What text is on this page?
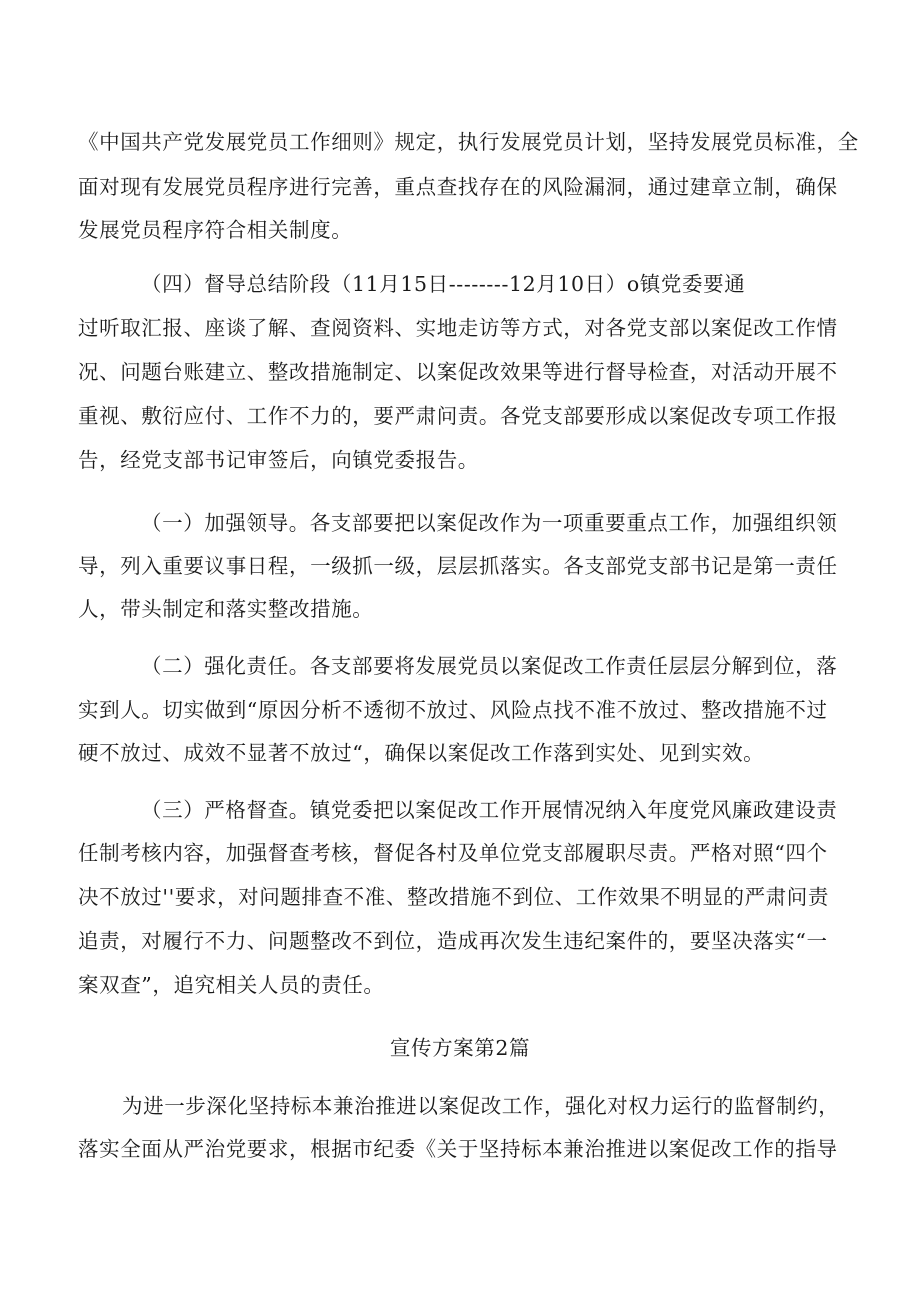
《中国共产党发展党员工作细则》规定，执行发展党员计划，坚持发展党员标准，全
面对现有发展党员程序进行完善，重点查找存在的风险漏洞，通过建章立制，确保
发展党员程序符合相关制度。
（四）督导总结阶段（11月15日--------12月10日）o镇党委要通
过听取汇报、座谈了解、查阅资料、实地走访等方式，对各党支部以案促改工作情
况、问题台账建立、整改措施制定、以案促改效果等进行督导检查，对活动开展不
重视、敷衍应付、工作不力的，要严肃问责。各党支部要形成以案促改专项工作报
告，经党支部书记审签后，向镇党委报告。
（一）加强领导。各支部要把以案促改作为一项重要重点工作，加强组织领
导，列入重要议事日程，一级抓一级，层层抓落实。各支部党支部书记是第一责任
人，带头制定和落实整改措施。
（二）强化责任。各支部要将发展党员以案促改工作责任层层分解到位，落
实到人。切实做到“原因分析不透彻不放过、风险点找不准不放过、整改措施不过
硬不放过、成效不显著不放过“，确保以案促改工作落到实处、见到实效。
（三）严格督查。镇党委把以案促改工作开展情况纳入年度党风廉政建设责
任制考核内容，加强督查考核，督促各村及单位党支部履职尽责。严格对照“四个
决不放过''要求，对问题排查不准、整改措施不到位、工作效果不明显的严肃问责
追责，对履行不力、问题整改不到位，造成再次发生违纪案件的，要坚决落实“一
案双查”，追究相关人员的责任。
宣传方案第2篇
为进一步深化坚持标本兼治推进以案促改工作，强化对权力运行的监督制约，
落实全面从严治党要求，根据市纪委《关于坚持标本兼治推进以案促改工作的指导
